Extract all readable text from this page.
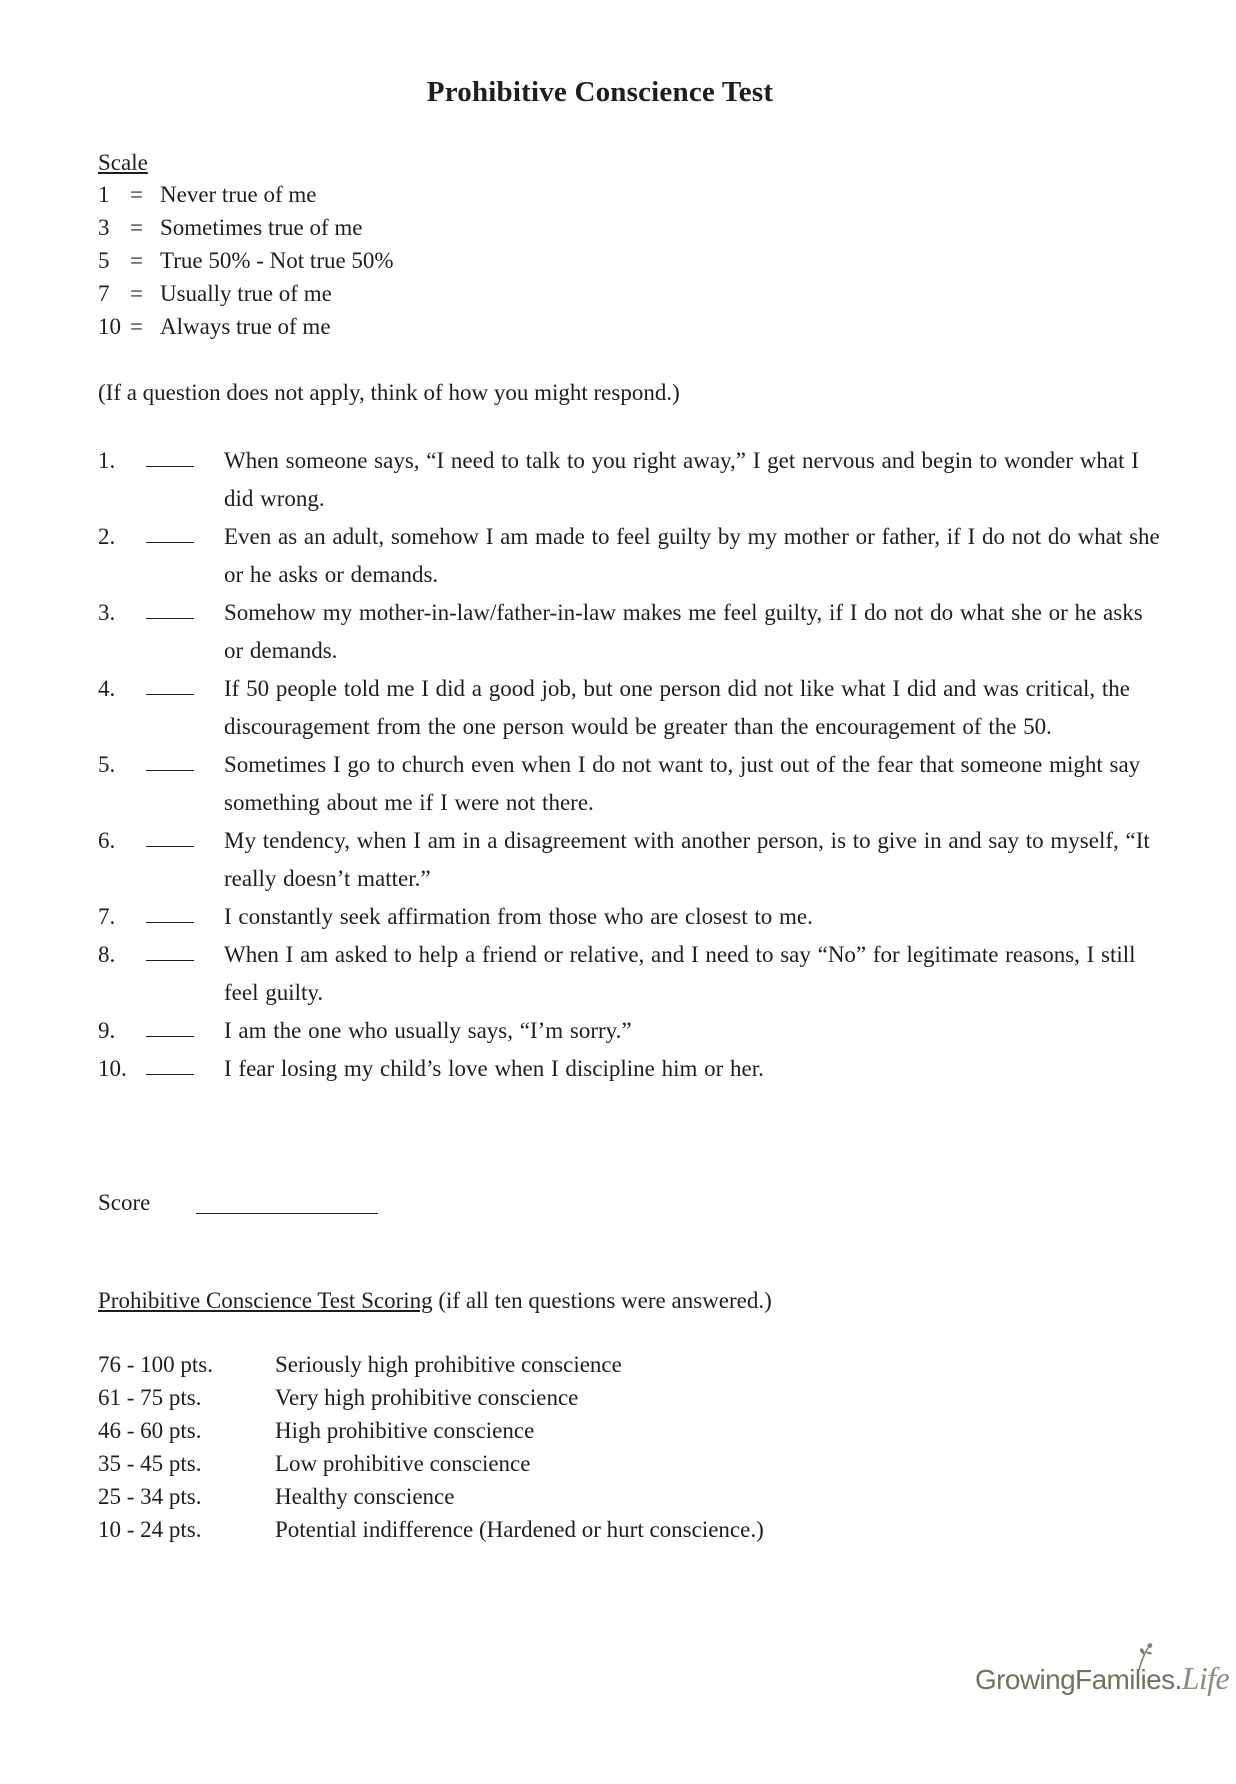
Prohibitive Conscience Test
Scale
1 = Never true of me
3 = Sometimes true of me
5 = True 50% - Not true 50%
7 = Usually true of me
10 = Always true of me
(If a question does not apply, think of how you might respond.)
1.	When someone says, “I need to talk to you right away,” I get nervous and begin to wonder what I did wrong.
2.	Even as an adult, somehow I am made to feel guilty by my mother or father, if I do not do what she or he asks or demands.
3.	Somehow my mother-in-law/father-in-law makes me feel guilty, if I do not do what she or he asks or demands.
4.	If 50 people told me I did a good job, but one person did not like what I did and was critical, the discouragement from the one person would be greater than the encouragement of the 50.
5.	Sometimes I go to church even when I do not want to, just out of the fear that someone might say something about me if I were not there.
6.	My tendency, when I am in a disagreement with another person, is to give in and say to myself, “It really doesn’t matter.”
7.	I constantly seek affirmation from those who are closest to me.
8.	When I am asked to help a friend or relative, and I need to say “No” for legitimate reasons, I still feel guilty.
9.	I am the one who usually says, “I’m sorry.”
10.	I fear losing my child’s love when I discipline him or her.
Score
Prohibitive Conscience Test Scoring (if all ten questions were answered.)
76 - 100 pts.	Seriously high prohibitive conscience
61 - 75 pts.	Very high prohibitive conscience
46 - 60 pts.	High prohibitive conscience
35 - 45 pts.	Low prohibitive conscience
25 - 34 pts.	Healthy conscience
10 - 24 pts.	Potential indifference (Hardened or hurt conscience.)
GrowingFamilies.Life
